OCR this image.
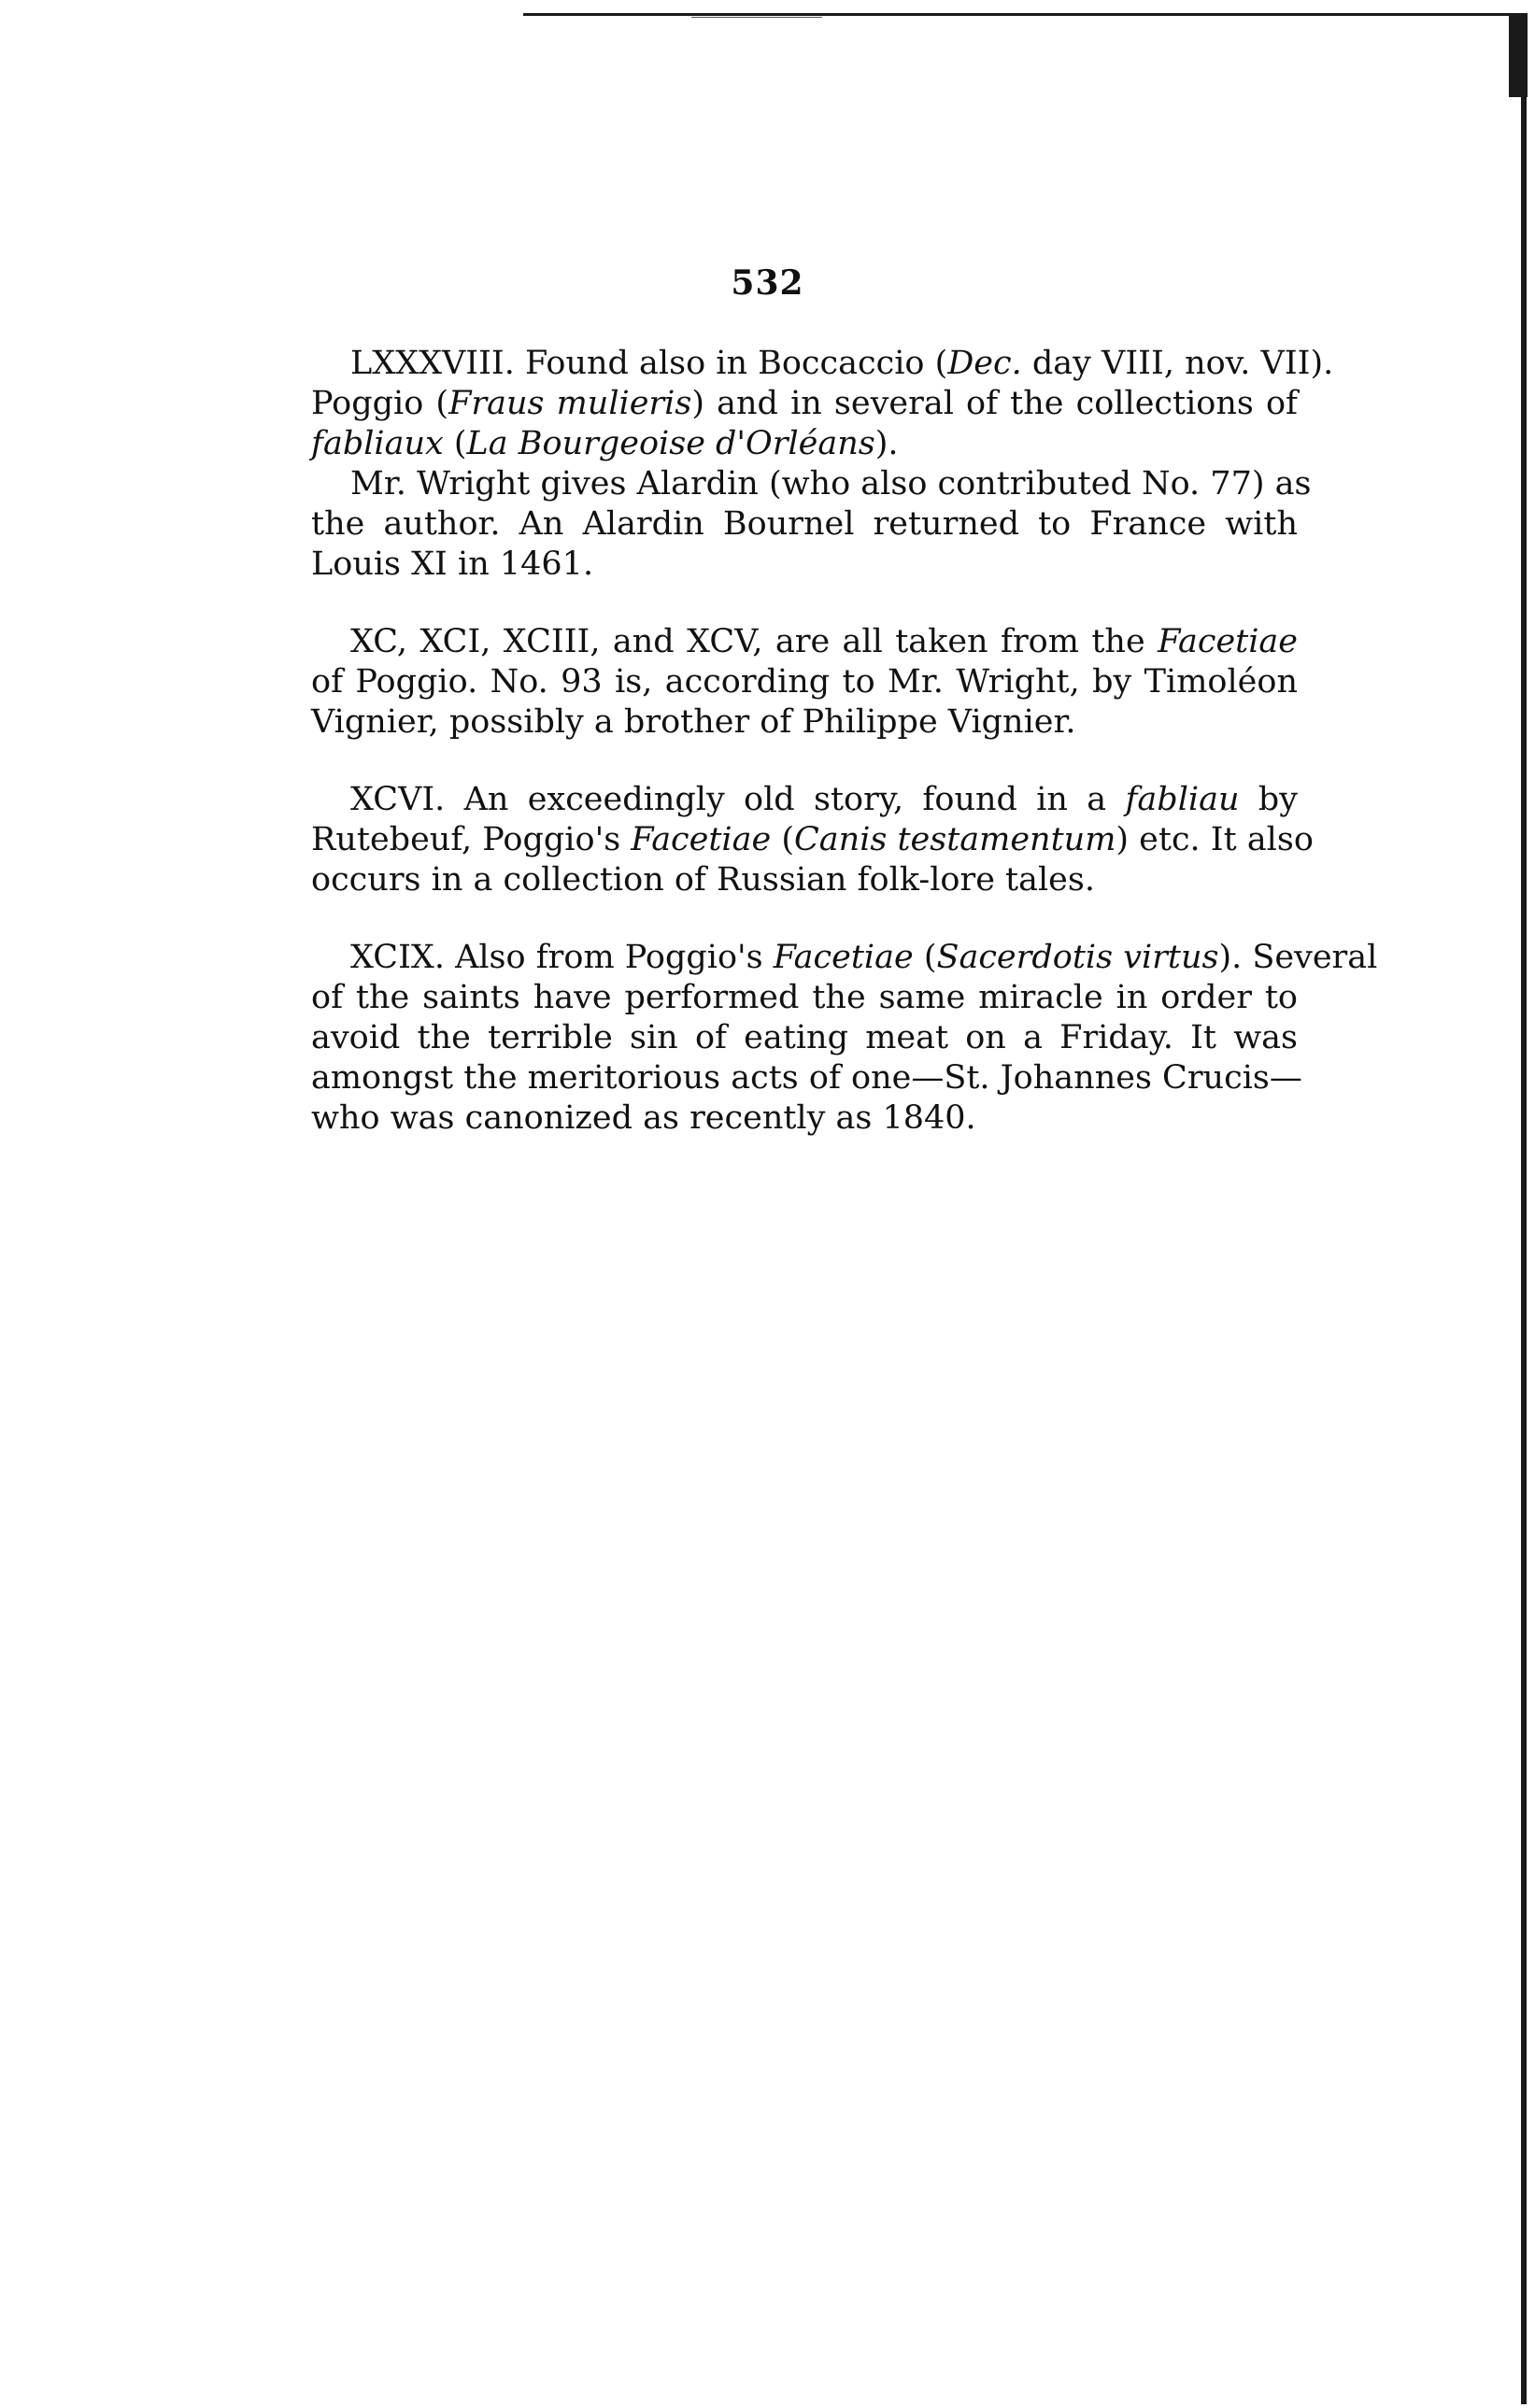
532
LXXXVIII. Found also in Boccaccio (Dec. day VIII, nov. VII).
Poggio (Fraus mulieris) and in several of the collections of
fabliaux (La Bourgeoise d'Orléans).
Mr. Wright gives Alardin (who also contributed No. 77) as
the author. An Alardin Bournel returned to France with
Louis XI in 1461.
XC, XCI, XCIII, and XCV, are all taken from the Facetiae
of Poggio. No. 93 is, according to Mr. Wright, by Timoléon
Vignier, possibly a brother of Philippe Vignier.
XCVI. An exceedingly old story, found in a fabliau by
Rutebeuf, Poggio's Facetiae (Canis testamentum) etc. It also
occurs in a collection of Russian folk-lore tales.
XCIX. Also from Poggio's Facetiae (Sacerdotis virtus). Several
of the saints have performed the same miracle in order to
avoid the terrible sin of eating meat on a Friday. It was
amongst the meritorious acts of one—St. Johannes Crucis—
who was canonized as recently as 1840.
